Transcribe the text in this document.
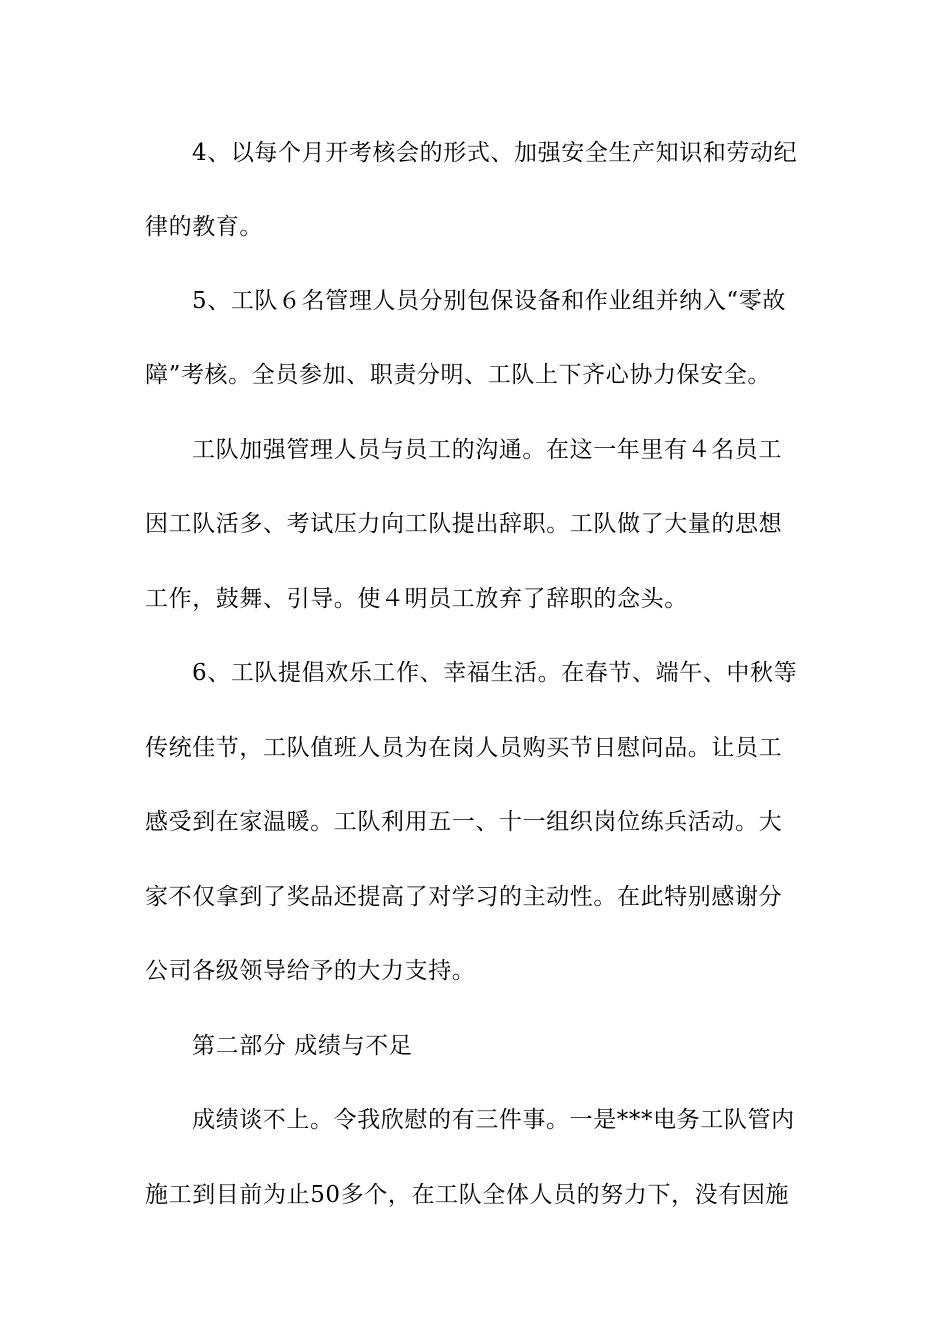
4、以每个月开考核会的形式、加强安全生产知识和劳动纪
律的教育。
5、工队６名管理人员分别包保设备和作业组并纳入“零故
障”考核。全员参加、职责分明、工队上下齐心协力保安全。
工队加强管理人员与员工的沟通。在这一年里有４名员工
因工队活多、考试压力向工队提出辞职。工队做了大量的思想
工作，鼓舞、引导。使４明员工放弃了辞职的念头。
6、工队提倡欢乐工作、幸福生活。在春节、端午、中秋等
传统佳节，工队值班人员为在岗人员购买节日慰问品。让员工
感受到在家温暖。工队利用五一、十一组织岗位练兵活动。大
家不仅拿到了奖品还提高了对学习的主动性。在此特别感谢分
公司各级领导给予的大力支持。
第二部分 成绩与不足
成绩谈不上。令我欣慰的有三件事。一是***电务工队管内
施工到目前为止50多个，在工队全体人员的努力下，没有因施
